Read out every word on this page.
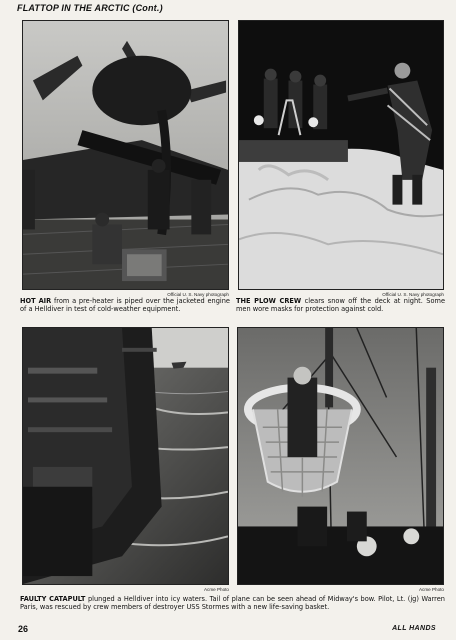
FLATTOP IN THE ARCTIC (Cont.)
Official U. S. Navy photograph
HOT AIR from a pre-heater is piped over the jacketed engine of a Helldiver in test of cold-weather equipment.
Official U. S. Navy photograph
THE PLOW CREW clears snow off the deck at night. Some men wore masks for protection against cold.
Acme Photo	Acme Photo
FAULTY CATAPULT plunged a Helldiver into icy waters. Tail of plane can be seen ahead of Midway's bow. Pilot, Lt. (jg) Warren Paris, was rescued by crew members of destroyer USS Stormes with a new life-saving basket.
26	ALL HANDS
